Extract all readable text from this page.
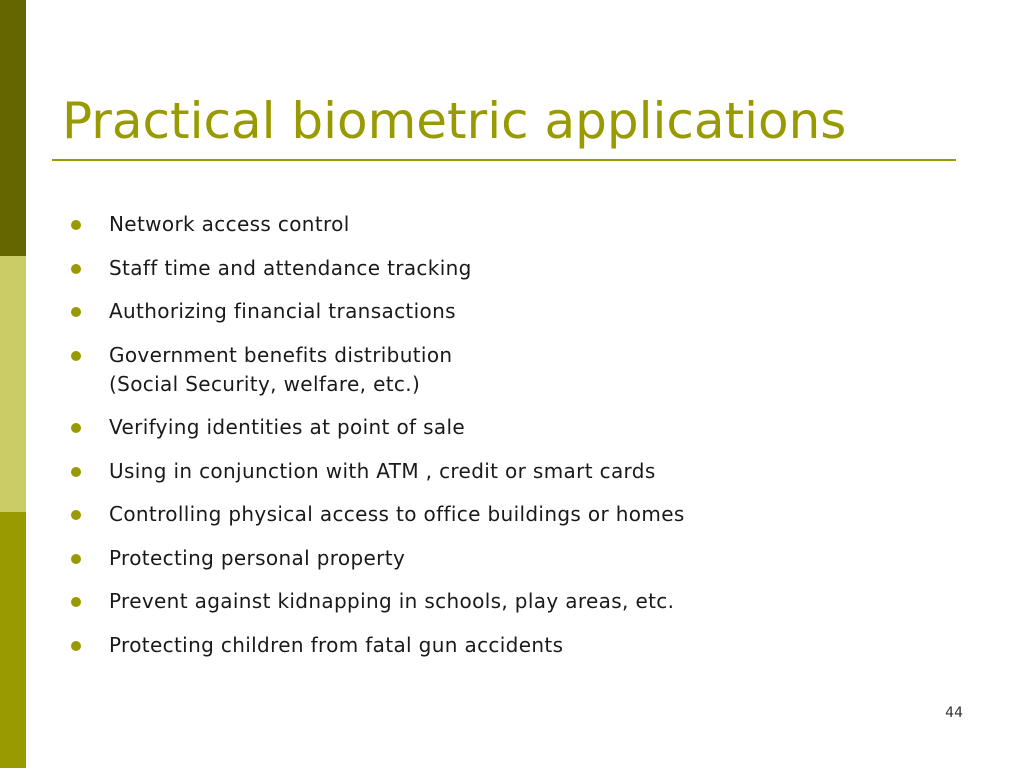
Practical biometric applications
Network access control
Staff time and attendance tracking
Authorizing financial transactions
Government benefits distribution
(Social Security, welfare, etc.)
Verifying identities at point of sale
Using in conjunction with ATM , credit or smart cards
Controlling physical access to office buildings or homes
Protecting personal property
Prevent against kidnapping in schools, play areas, etc.
Protecting children from fatal gun accidents
44
